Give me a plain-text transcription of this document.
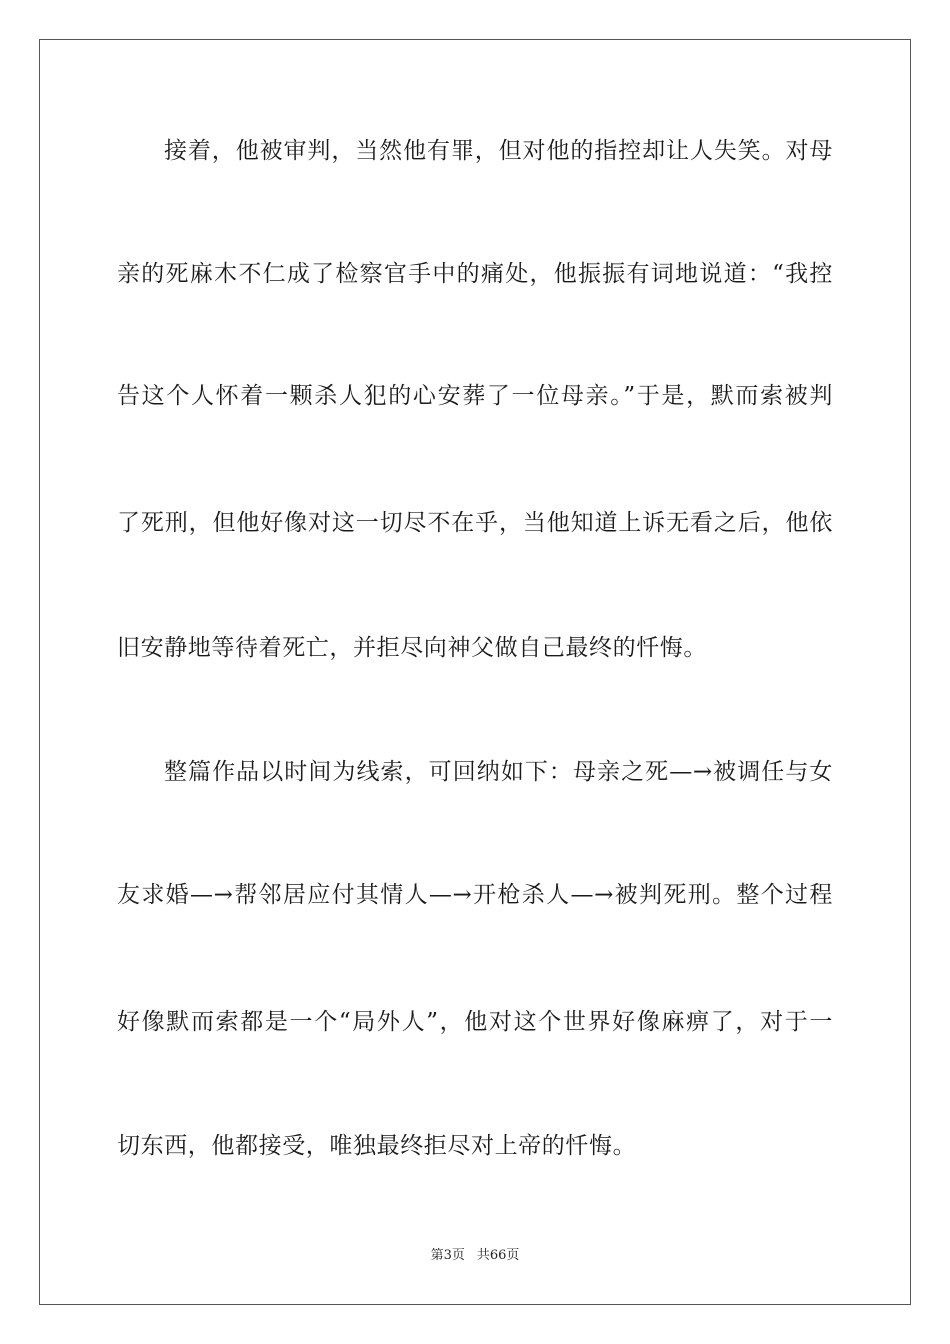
接着，他被审判，当然他有罪，但对他的指控却让人失笑。对母
亲的死麻木不仁成了检察官手中的痛处，他振振有词地说道：“我控
告这个人怀着一颗杀人犯的心安葬了一位母亲。”于是，默而索被判
了死刑，但他好像对这一切尽不在乎，当他知道上诉无看之后，他依
旧安静地等待着死亡，并拒尽向神父做自己最终的忏悔。
整篇作品以时间为线索，可回纳如下：母亲之死—→被调任与女
友求婚—→帮邻居应付其情人—→开枪杀人—→被判死刑。整个过程
好像默而索都是一个“局外人”，他对这个世界好像麻痹了，对于一
切东西，他都接受，唯独最终拒尽对上帝的忏悔。
第3页 共66页
